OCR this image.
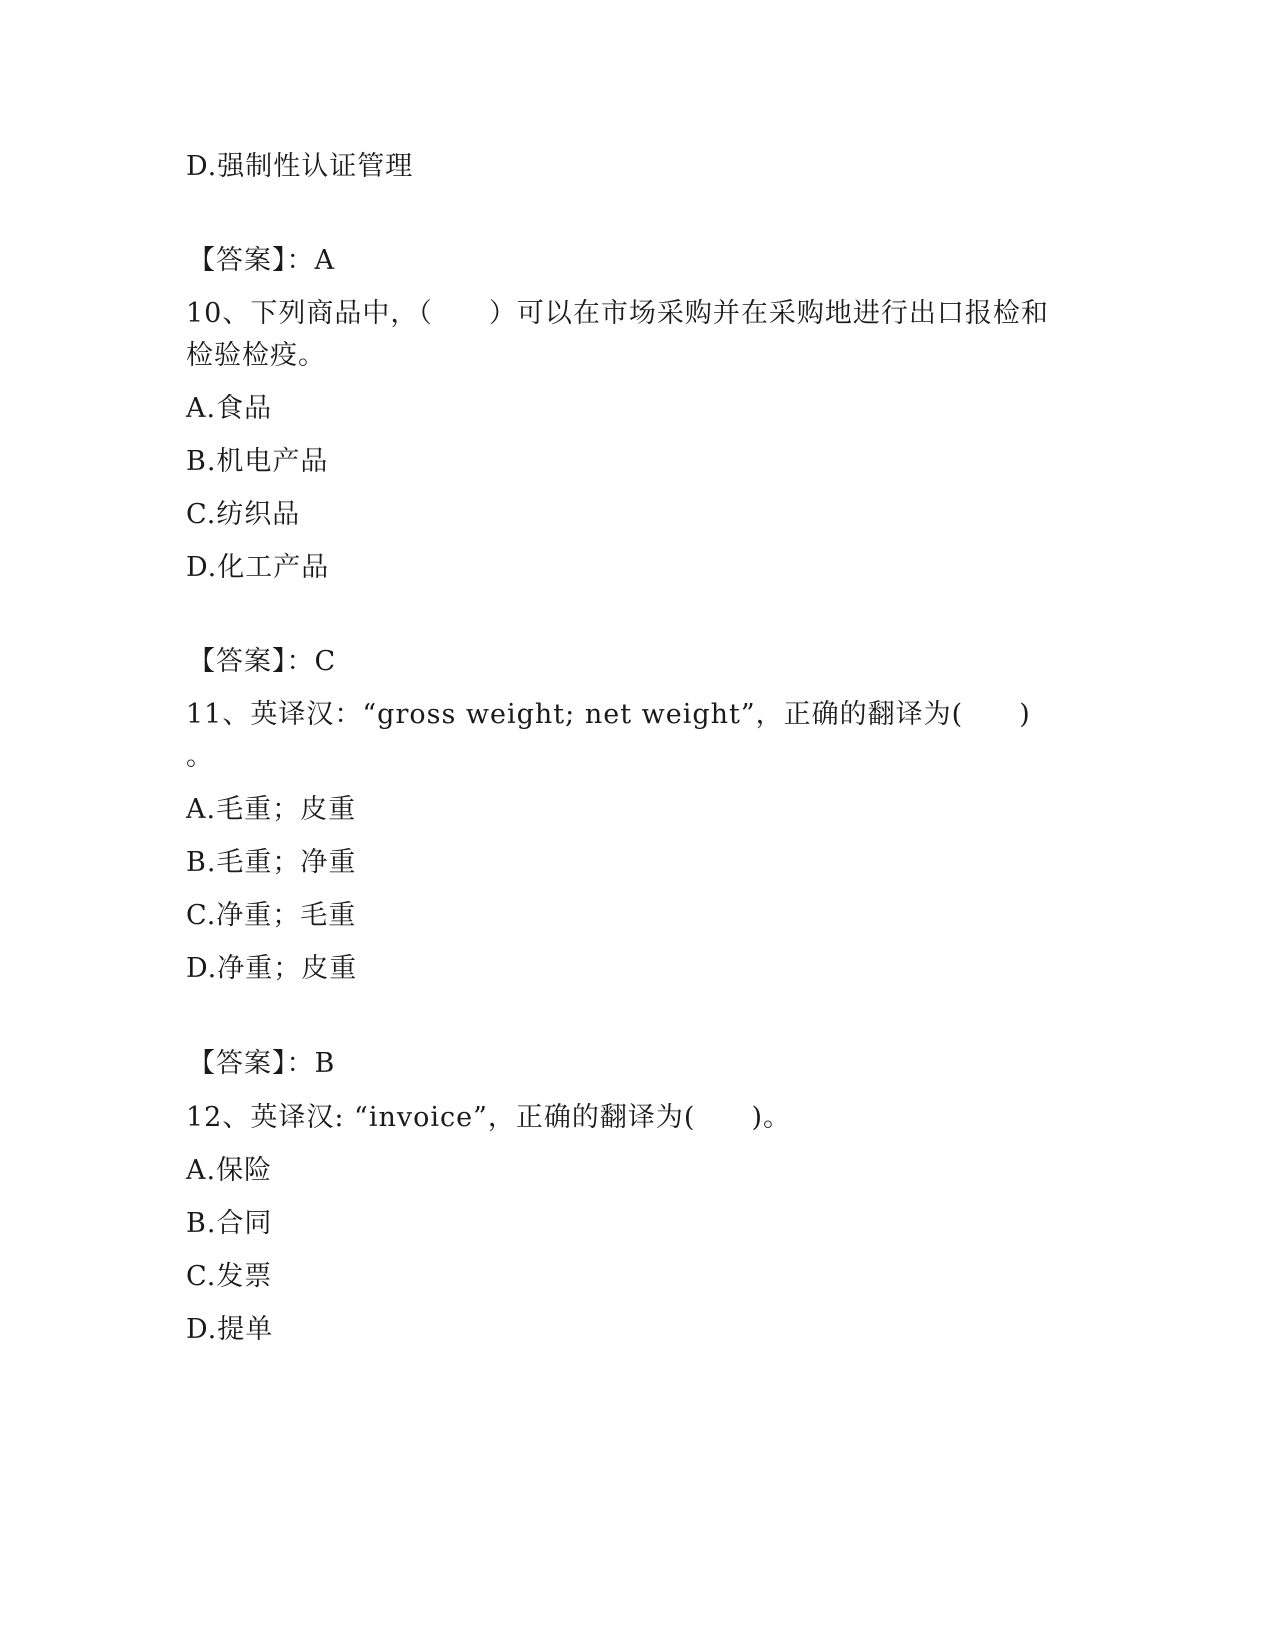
D.强制性认证管理
【答案】：A
10、下列商品中，（　　）可以在市场采购并在采购地进行出口报检和
检验检疫。
A.食品
B.机电产品
C.纺织品
D.化工产品
【答案】：C
11、英译汉：“gross weight; net weight”，正确的翻译为(　　)
。
A.毛重；皮重
B.毛重；净重
C.净重；毛重
D.净重；皮重
【答案】：B
12、英译汉: “invoice”，正确的翻译为(　　)。
A.保险
B.合同
C.发票
D.提单
